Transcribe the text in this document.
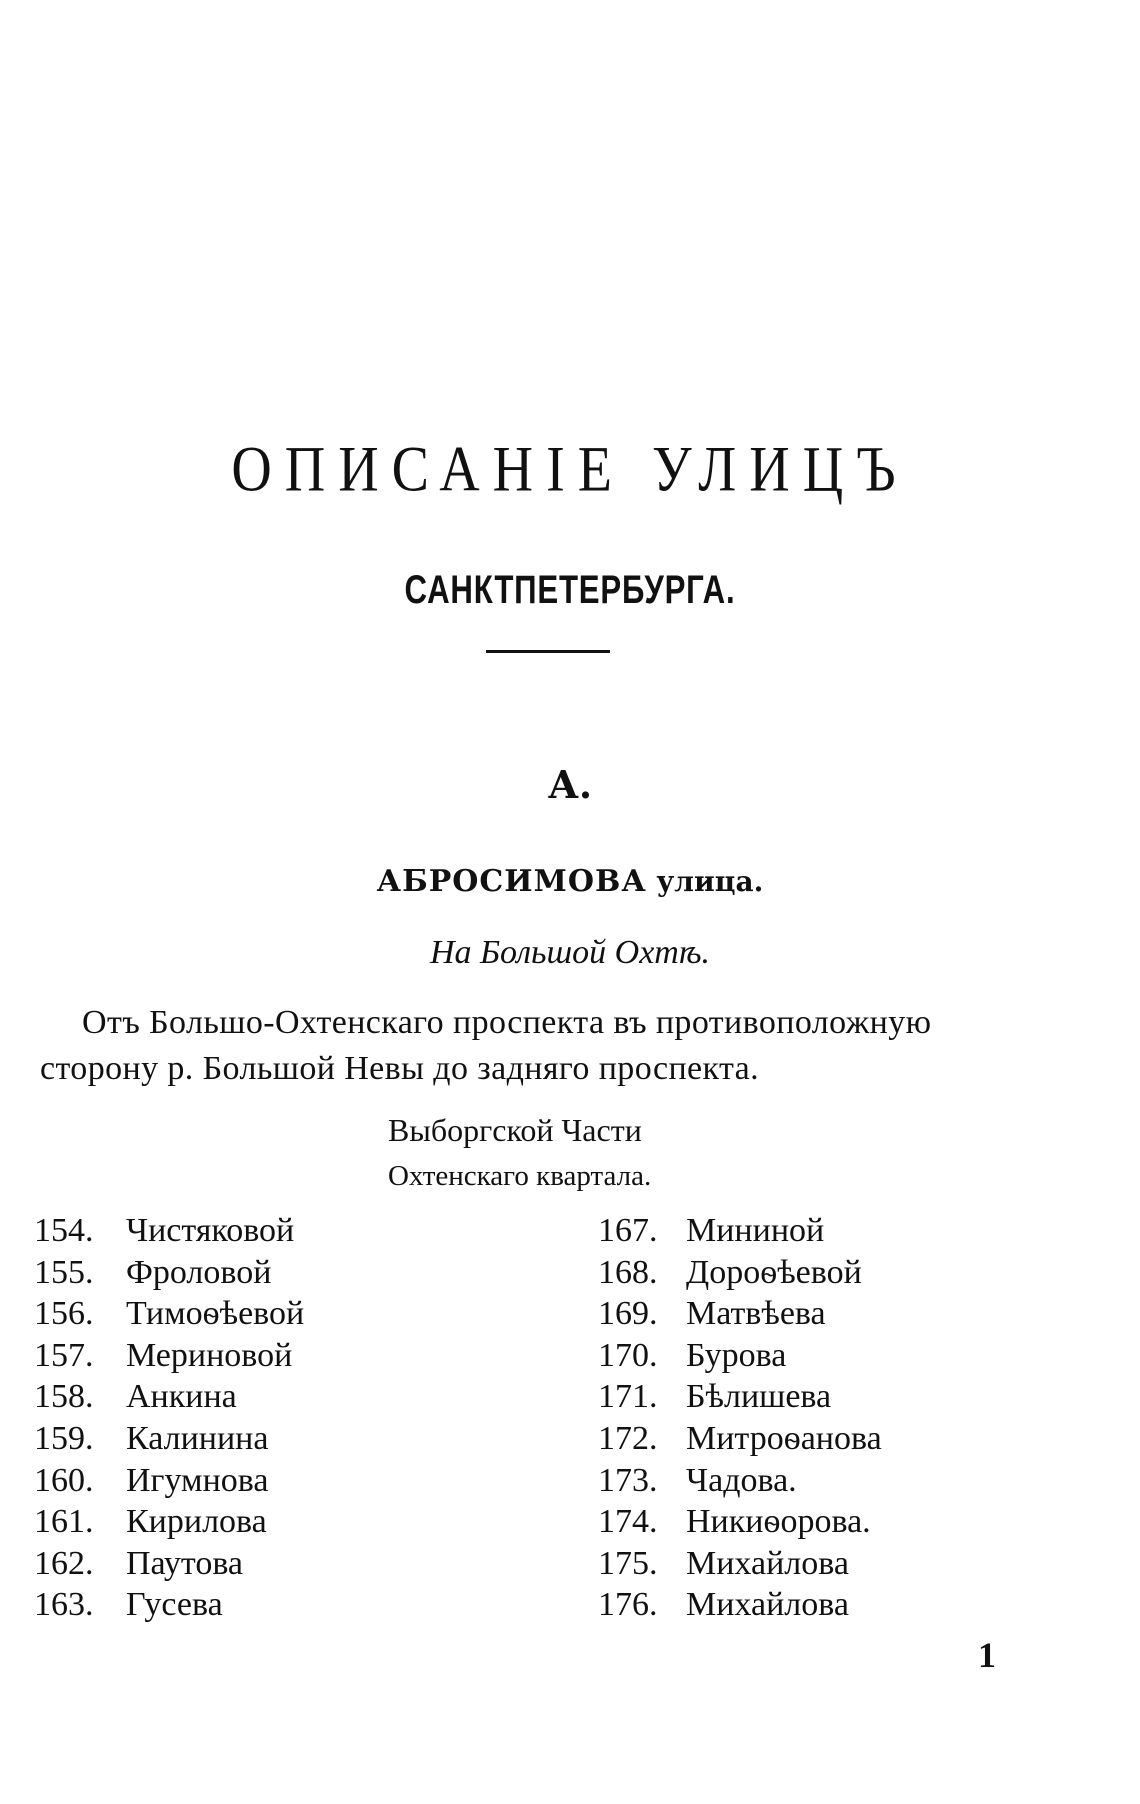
ОПИСАНІЕ УЛИЦЪ
САНКТПЕТЕРБУРГА.
А.
АБРОСИМОВА улица.
На Большой Охтѣ.
Отъ Большо-Охтенскаго проспекта въ противоположную
сторону р. Большой Невы до задняго проспекта.
Выборгской Части
Охтенскаго квартала.
154. Чистяковой
155. Фроловой
156. Тимоѳѣевой
157. Мериновой
158. Анкина
159. Калинина
160. Игумнова
161. Кирилова
162. Паутова
163. Гусева
167. Мининой
168. Дороѳѣевой
169. Матвѣева
170. Бурова
171. Бѣлишева
172. Митроѳанова
173. Чадова.
174. Никиѳорова.
175. Михайлова
176. Михайлова
1
